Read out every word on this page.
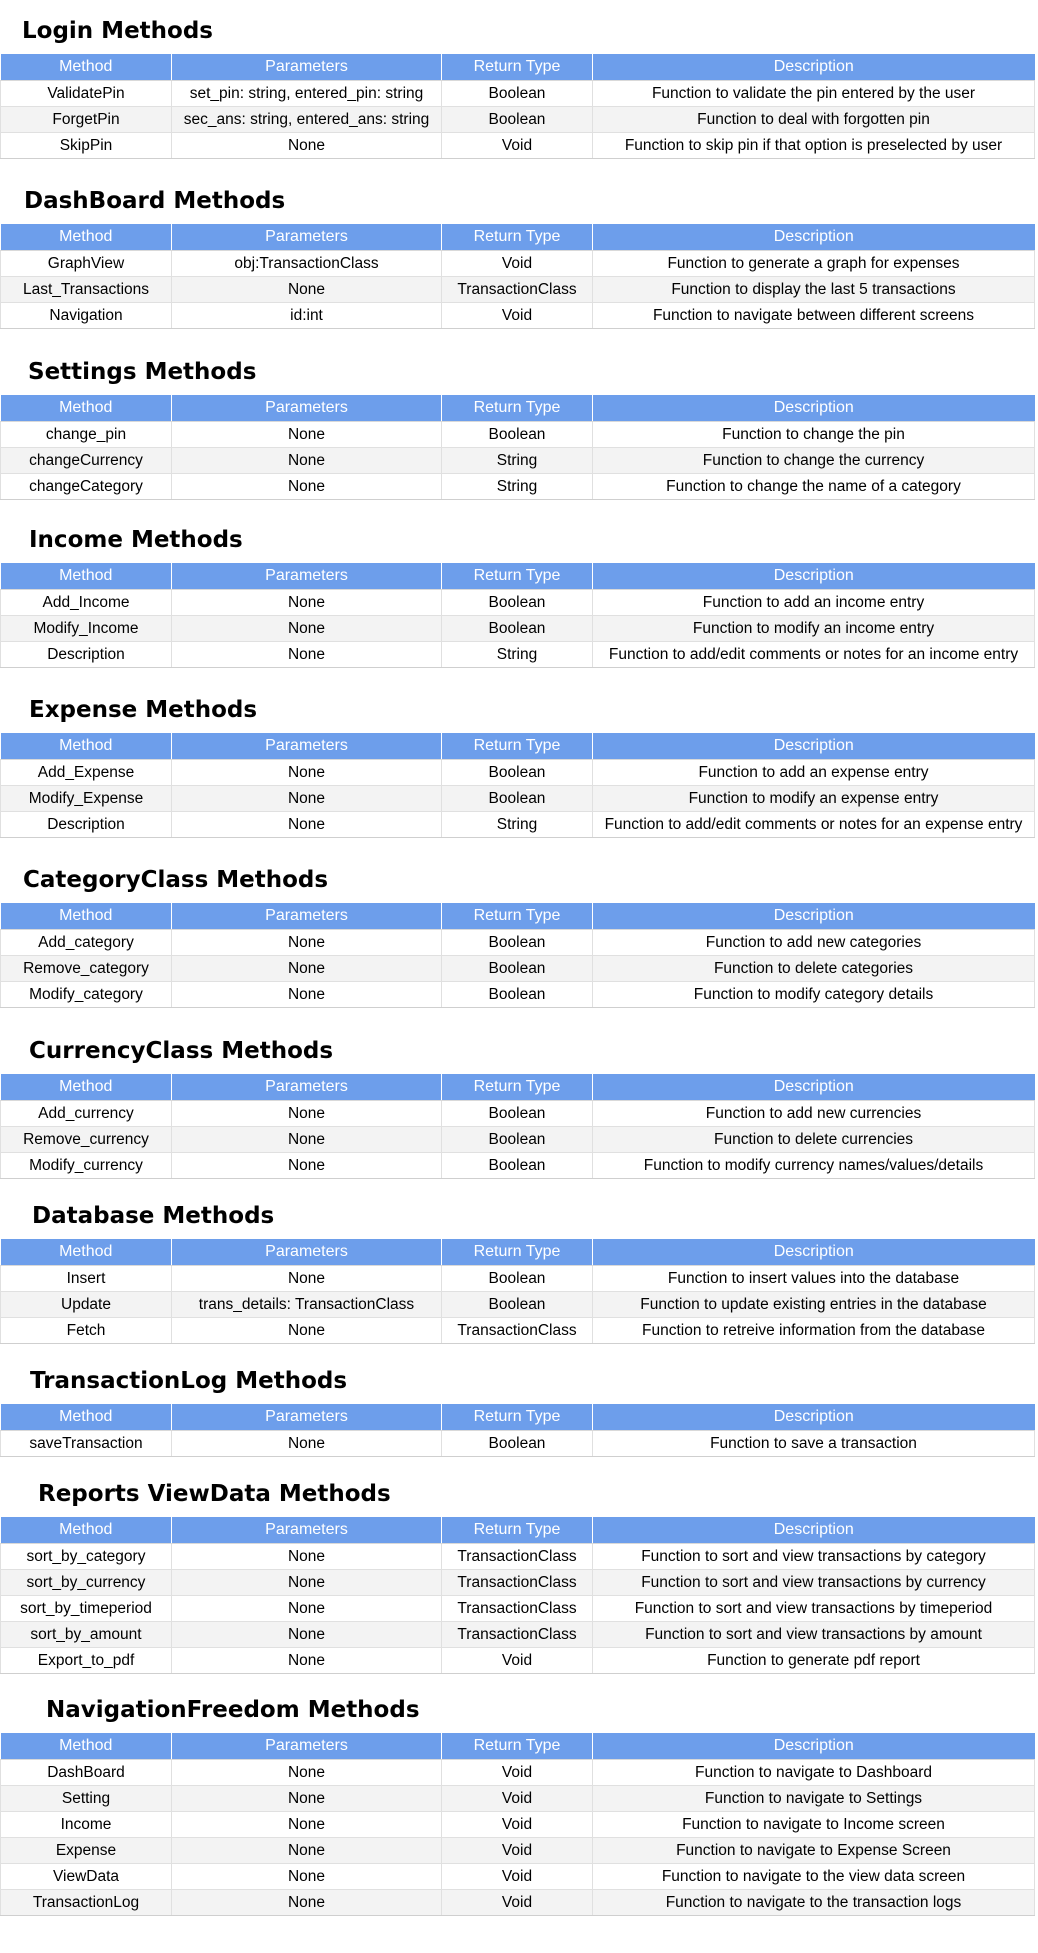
Login Methods
Method	Parameters	Return Type	Description
ValidatePin	set_pin: string, entered_pin: string	Boolean	Function to validate the pin entered by the user
ForgetPin	sec_ans: string, entered_ans: string	Boolean	Function to deal with forgotten pin
SkipPin	None	Void	Function to skip pin if that option is preselected by user
DashBoard Methods
Method	Parameters	Return Type	Description
GraphView	obj:TransactionClass	Void	Function to generate a graph for expenses
Last_Transactions	None	TransactionClass	Function to display the last 5 transactions
Navigation	id:int	Void	Function to navigate between different screens
Settings Methods
Method	Parameters	Return Type	Description
change_pin	None	Boolean	Function to change the pin
changeCurrency	None	String	Function to change the currency
changeCategory	None	String	Function to change the name of a category
Income Methods
Method	Parameters	Return Type	Description
Add_Income	None	Boolean	Function to add an income entry
Modify_Income	None	Boolean	Function to modify an income entry
Description	None	String	Function to add/edit comments or notes for an income entry
Expense Methods
Method	Parameters	Return Type	Description
Add_Expense	None	Boolean	Function to add an expense entry
Modify_Expense	None	Boolean	Function to modify an expense entry
Description	None	String	Function to add/edit comments or notes for an expense entry
CategoryClass Methods
Method	Parameters	Return Type	Description
Add_category	None	Boolean	Function to add new categories
Remove_category	None	Boolean	Function to delete categories
Modify_category	None	Boolean	Function to modify category details
CurrencyClass Methods
Method	Parameters	Return Type	Description
Add_currency	None	Boolean	Function to add new currencies
Remove_currency	None	Boolean	Function to delete currencies
Modify_currency	None	Boolean	Function to modify currency names/values/details
Database Methods
Method	Parameters	Return Type	Description
Insert	None	Boolean	Function to insert values into the database
Update	trans_details: TransactionClass	Boolean	Function to update existing entries in the database
Fetch	None	TransactionClass	Function to retreive information from the database
TransactionLog Methods
Method	Parameters	Return Type	Description
saveTransaction	None	Boolean	Function to save a transaction
Reports ViewData Methods
Method	Parameters	Return Type	Description
sort_by_category	None	TransactionClass	Function to sort and view transactions by category
sort_by_currency	None	TransactionClass	Function to sort and view transactions by currency
sort_by_timeperiod	None	TransactionClass	Function to sort and view transactions by timeperiod
sort_by_amount	None	TransactionClass	Function to sort and view transactions by amount
Export_to_pdf	None	Void	Function to generate pdf report
NavigationFreedom Methods
Method	Parameters	Return Type	Description
DashBoard	None	Void	Function to navigate to Dashboard
Setting	None	Void	Function to navigate to Settings
Income	None	Void	Function to navigate to Income screen
Expense	None	Void	Function to navigate to Expense Screen
ViewData	None	Void	Function to navigate to the view data screen
TransactionLog	None	Void	Function to navigate to the transaction logs
